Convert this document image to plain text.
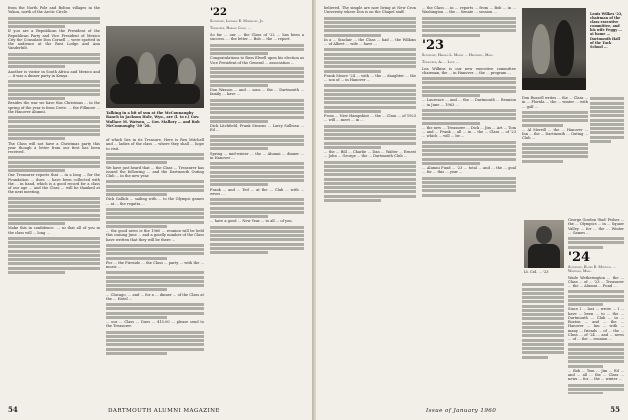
from the North Pole and Bolton villages in the Yukon, north of the Arctic Circle.

If you are a Republican the President of the Republican Party and Vice President of Mexico City the Consulate Don Cornell ... were spotted in the audience at the Ravi Lodge and Ann Vanderbilt.

Another is visitor in South Africa and Mexico and ... it was a dinner party in Kenya.

Besides the war we have this Christmas ... in the spring of the year is from Crete. ... the Fillmore ... the Hanover Alumni.

The Class will not have a Christmas party this year though a letter from our first has been received.

Our Treasurer reports that ... in a long ... for the Foundation ... dues ... have been collected with the ... in hand, which is a good record for a class of our age ... and the Class ... will be thanked at the next meeting.

Make this in confidence. ... so that all of you in the class will ... long ...

Talking in a bit of sun at the McConnaughy Ranch in Jackson Hole, Wyo., are (l. to r.) Gov. Wallace M. Watson, ... Gov. Mallory ... and Bob McConnaughy '30 '28.

of which lies in its Treasure. Here is Rex Mitchell and ... ladies of the class ... where they shall ... hope to visit.

We have just heard that ... the Class ... Treasurer has issued the following ... and the Dartmouth Outing Club ... in the new year.

Dick Gallick ... sailing with ... to the Olympic games ... at ... the regatta ...

... the good news is the 1960 ... reunion will be held this coming June ... and a goodly number of the Class have written that they will be there ...

For ... the Fireside ... the Class ... party ... with the ... music ...

... Chicago, ... and ... for a ... dinner ... of the Class at the ... Hotel ...

... our ... Class ... Dues ... $15.00 ... please send to the Treasurer.

'22
Secretary, Leonard E. Morrissey, Jr.
Treasurer, Harold Coon, ...

So far ... our ... the Class of '22 ... has been a success. ... the letter ... Bob ... the ... report.

Congratulations to Russ Elwell upon his election as Vice President of the General ... association ...

Don Wasson ... and ... sons ... the ... Dartmouth ... family ... have ...

Dick Litchfield, Frank Stearns ... Larry Sullivan ... Ed ...

Spring ... mid-winter ... the ... Alumni ... dinner ... in Hanover ...

Frank ... and ... Ted ... at the ... Club ... with ... wives ...

... have a good ... New Year ... to all ... of you.

54	DARTMOUTH ALUMNI MAGAZINE

believed. The simple are now living at New Cron University where Don is on the Chapel staff.

In a ... Sinclair ... the Class ... had ... the Wilkins ... of Albert ... wife ... have ...

Frank Moore '24 ... with ... the ... daughter ... the ... son of ... in Hanover ...

From ... New Hampshire ... the ... Class ... of 1923 ... will ... meet ... in ...

... the ... Bill ... Charlie ... Dan ... Walter ... Ernest ... John ... George ... the ... Dartmouth Club ...

... the Class ... in ... reports ... from ... Bob ... in ... Washington ... the ... Senate ... session ...

'23
Secretary, Harold L. Moody ... Haverhill, Mass.
Treasurer, Al ... Lynn ...

Lea Wilkins is our new executive committee chairman, the ... in Hanover ... the ... program ...

... Laurence ... and ... the ... Dartmouth ... Reunion ... in June ... 1963 ...

... the new ... Treasurer ... Dick ... Jim ... Art ... Tom ... and ... Frank ... all ... in ... the ... Class ... of '23 ... which ... will ... be ...

... Alumni Fund ... '23 ... total ... and ... the ... goal ... for ... this ... year ...

Louis Wilkes '23, chairman of the class executive committee, and his wife Peggy ... at home ... Dartmouth Hall of the Tuck School ...
Lt. Col. ... '23

Don Russell writes ... the ... Class ... in ... Florida ... the ... winter ... with ... golf ...

... Al Merrill ... the ... Hanover ... Inn ... the ... Dartmouth ... Outing ... Club ...

George Gordon 'Bud' Fisher ... the ... Olympics ... in ... Squaw Valley ... for ... the ... Winter ... Games ...

'24
Secretary, Elmer E. Mitchell ... Waltham, Mass.

Wade Wetherington ... the ... Class ... of ... '23 ... Treasurer ... the ... Alumni ... Fund ...

Since I ... last ... wrote ... I ... have ... been ... to ... the ... Dartmouth ... Club ... in ... Boston ... and ... the ... Hanover ... Inn ... with ... many ... friends ... of ... the ... Class ... of '24 ... and ... news ... of ... the ... reunion ...

... Bob ... Tom ... Jim ... Ed ... and ... all ... the ... Class ... news ... for ... the ... winter ...

Issue of January 1960	55
